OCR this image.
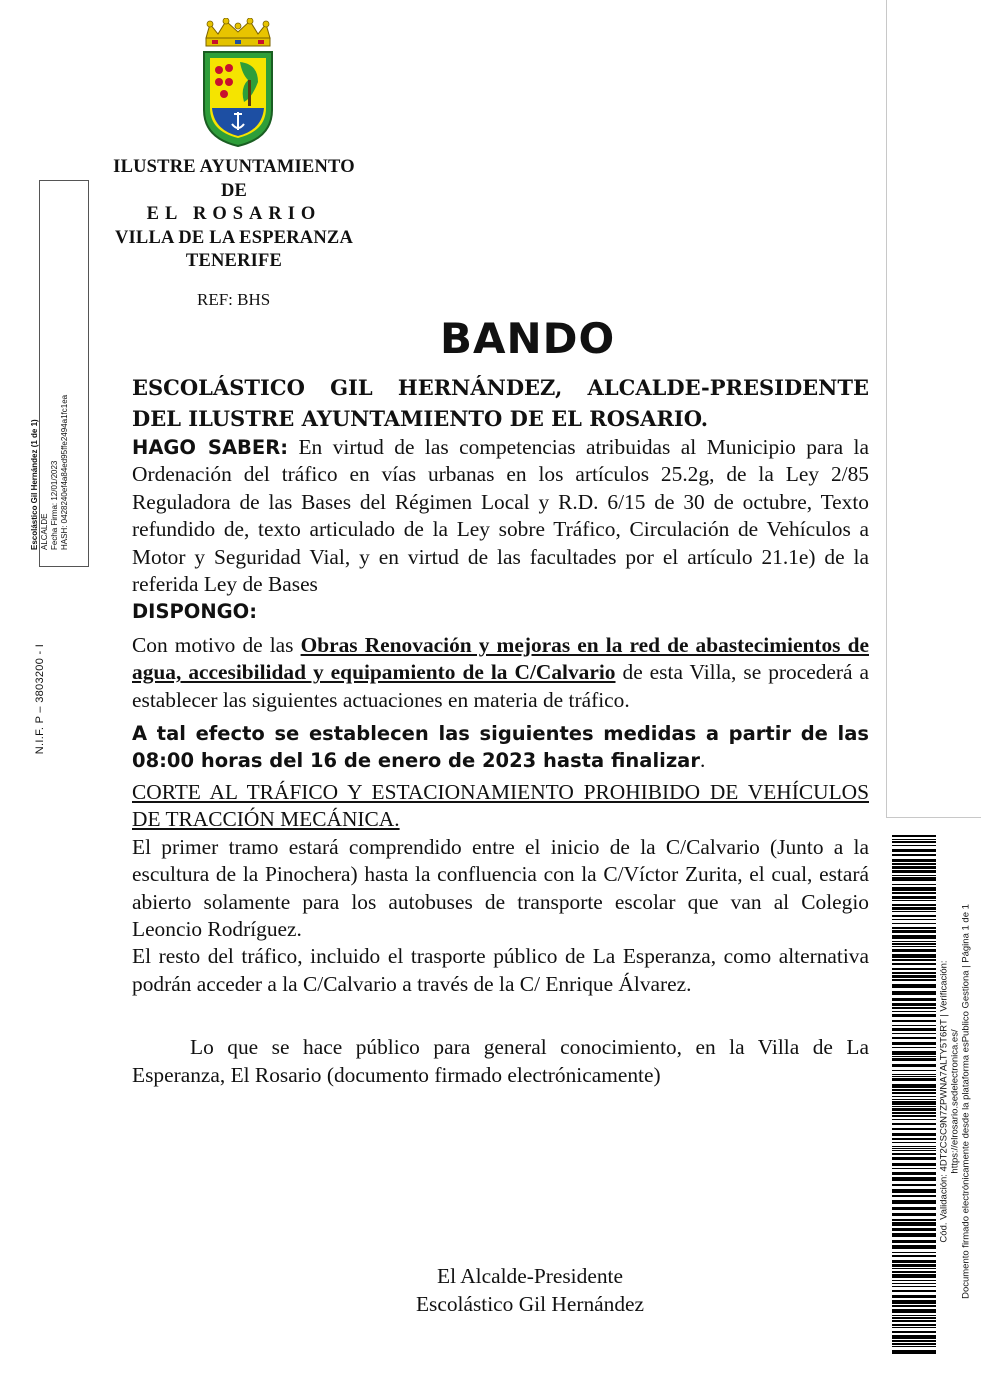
ILUSTRE AYUNTAMIENTO
DE
EL ROSARIO
VILLA DE LA ESPERANZA
TENERIFE
REF: BHS
Escolástico Gil Hernández (1 de 1) ALCALDE Fecha Firma: 12/01/2023 HASH: 0428240ef4a84ed95ffe2494a1fc1ea
N.I.F. P – 3803200 - I
Cód. Validación: 4DT2CSC9N7ZPWNA7ALTY5T6RT | Verificación: https://elrosario.sedelectronica.es/ Documento firmado electrónicamente desde la plataforma esPublico Gestiona | Página 1 de 1
BANDO

ESCOLÁSTICO GIL HERNÁNDEZ, ALCALDE-PRESIDENTE DEL ILUSTRE AYUNTAMIENTO DE EL ROSARIO.

HAGO SABER: En virtud de las competencias atribuidas al Municipio para la Ordenación del tráfico en vías urbanas en los artículos 25.2g, de la Ley 2/85 Reguladora de las Bases del Régimen Local y R.D. 6/15 de 30 de octubre, Texto refundido de, texto articulado de la Ley sobre Tráfico, Circulación de Vehículos a Motor y Seguridad Vial, y en virtud de las facultades por el artículo 21.1e) de la referida Ley de Bases

DISPONGO:

Con motivo de las Obras Renovación y mejoras en la red de abastecimientos de agua, accesibilidad y equipamiento de la C/Calvario de esta Villa, se procederá a establecer las siguientes actuaciones en materia de tráfico.

A tal efecto se establecen las siguientes medidas a partir de las 08:00 horas del 16 de enero de 2023 hasta finalizar.

CORTE AL TRÁFICO Y ESTACIONAMIENTO PROHIBIDO DE VEHÍCULOS DE TRACCIÓN MECÁNICA.

El primer tramo estará comprendido entre el inicio de la C/Calvario (Junto a la escultura de la Pinochera) hasta la confluencia con la C/Víctor Zurita, el cual, estará abierto solamente para los autobuses de transporte escolar que van al Colegio Leoncio Rodríguez.

El resto del tráfico, incluido el trasporte público de La Esperanza, como alternativa podrán acceder a la C/Calvario a través de la C/ Enrique Álvarez.

Lo que se hace público para general conocimiento, en la Villa de La Esperanza, El Rosario (documento firmado electrónicamente)

El Alcalde-Presidente
Escolástico Gil Hernández
